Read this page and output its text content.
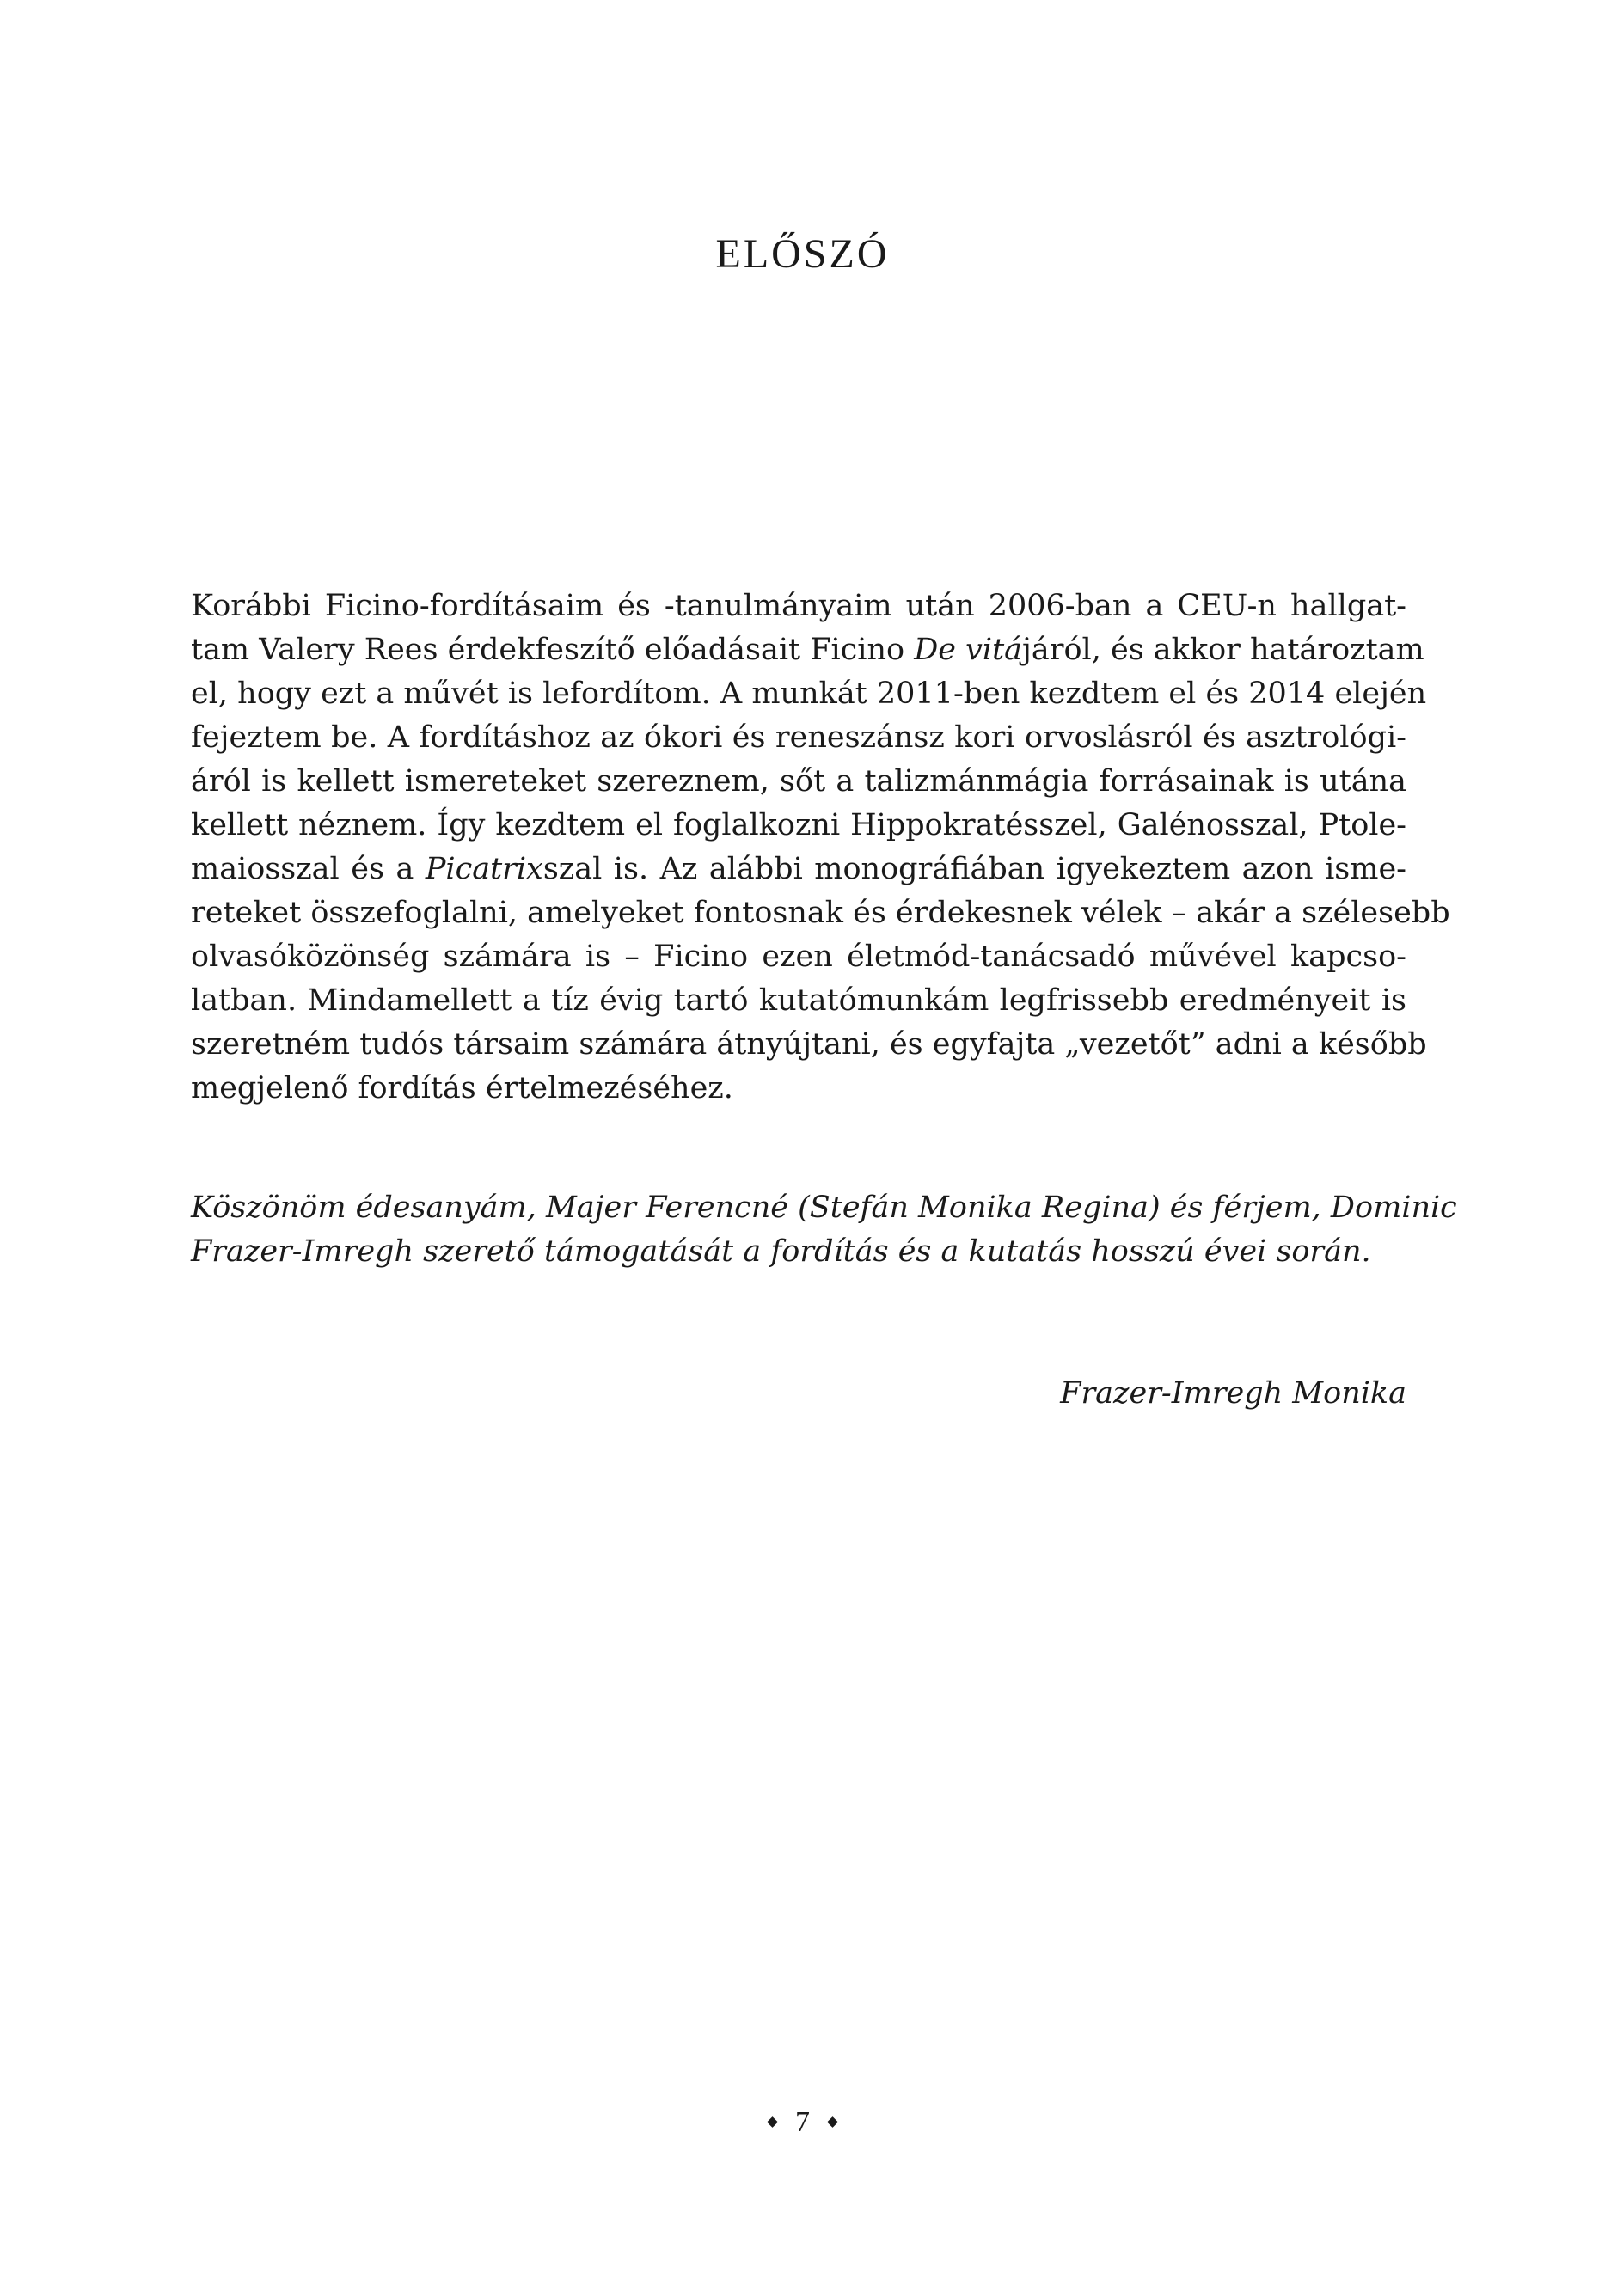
ELŐSZÓ
Korábbi Ficino-fordításaim és -tanulmányaim után 2006-ban a CEU-n hallgat-
tam Valery Rees érdekfeszítő előadásait Ficino De vitájáról, és akkor határoztam
el, hogy ezt a művét is lefordítom. A munkát 2011-ben kezdtem el és 2014 elején
fejeztem be. A fordításhoz az ókori és reneszánsz kori orvoslásról és asztrológi-
áról is kellett ismereteket szereznem, sőt a talizmánmágia forrásainak is utána
kellett néznem. Így kezdtem el foglalkozni Hippokratésszel, Galénosszal, Ptole-
maiosszal és a Picatrixszal is. Az alábbi monográfiában igyekeztem azon isme-
reteket összefoglalni, amelyeket fontosnak és érdekesnek vélek – akár a szélesebb
olvasóközönség számára is – Ficino ezen életmód-tanácsadó művével kapcso-
latban. Mindamellett a tíz évig tartó kutatómunkám legfrissebb eredményeit is
szeretném tudós társaim számára átnyújtani, és egyfajta „vezetőt” adni a később
megjelenő fordítás értelmezéséhez.
Köszönöm édesanyám, Majer Ferencné (Stefán Monika Regina) és férjem, Dominic
Frazer-Imregh szerető támogatását a fordítás és a kutatás hosszú évei során.
Frazer-Imregh Monika
7
